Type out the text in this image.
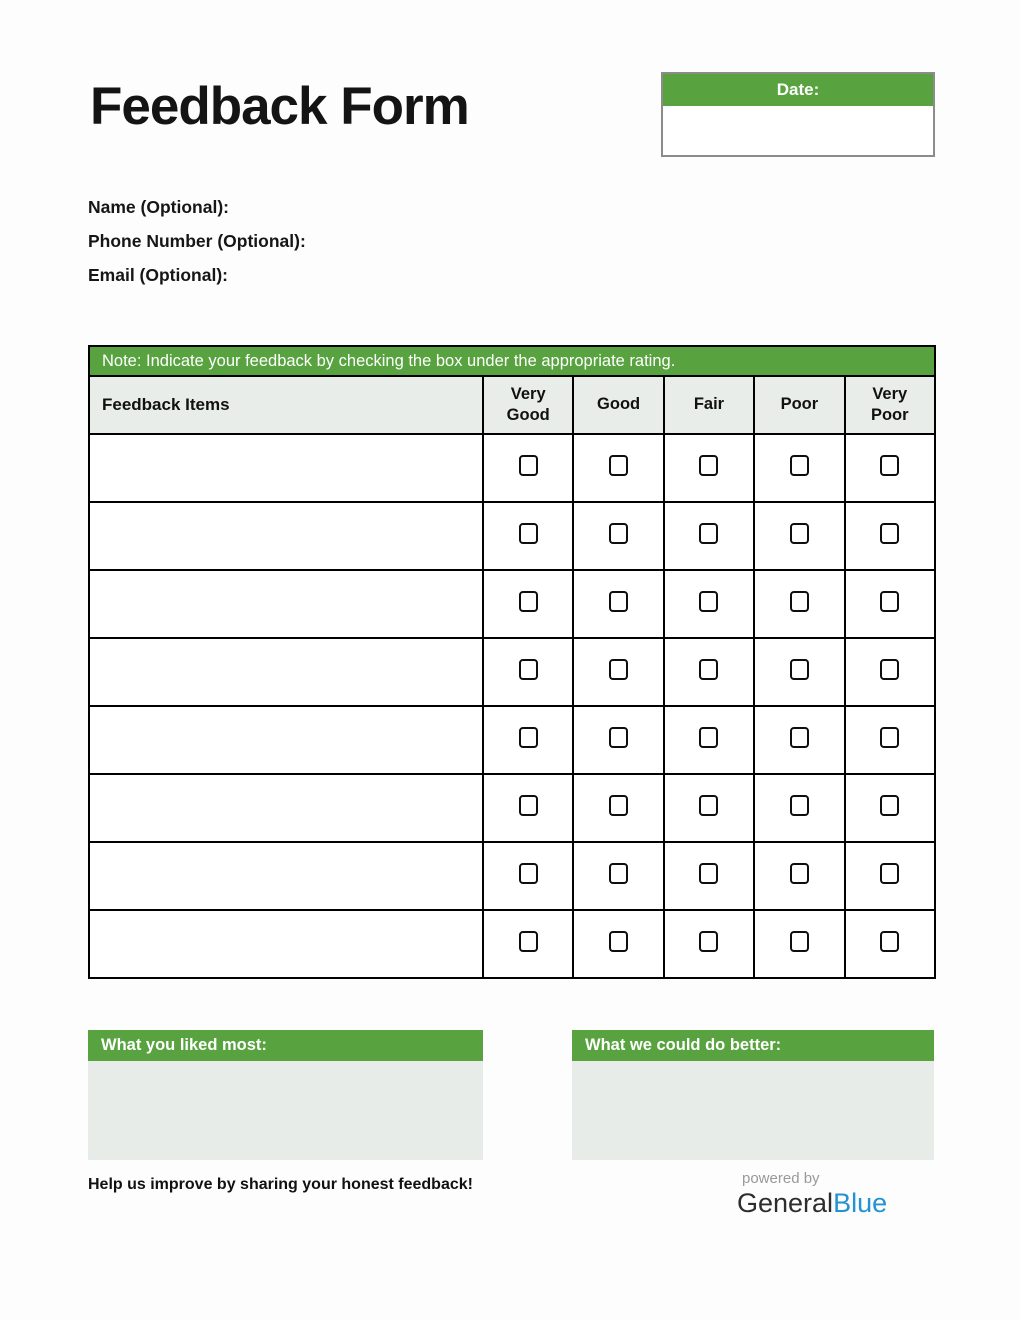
Feedback Form	Date:
Name (Optional):
Phone Number (Optional):
Email (Optional):
Note: Indicate your feedback by checking the box under the appropriate rating.					
Feedback Items	Very Good	Good	Fair	Poor	Very Poor

What you liked most:	What we could do better:
Help us improve by sharing your honest feedback!	powered by
GeneralBlue
